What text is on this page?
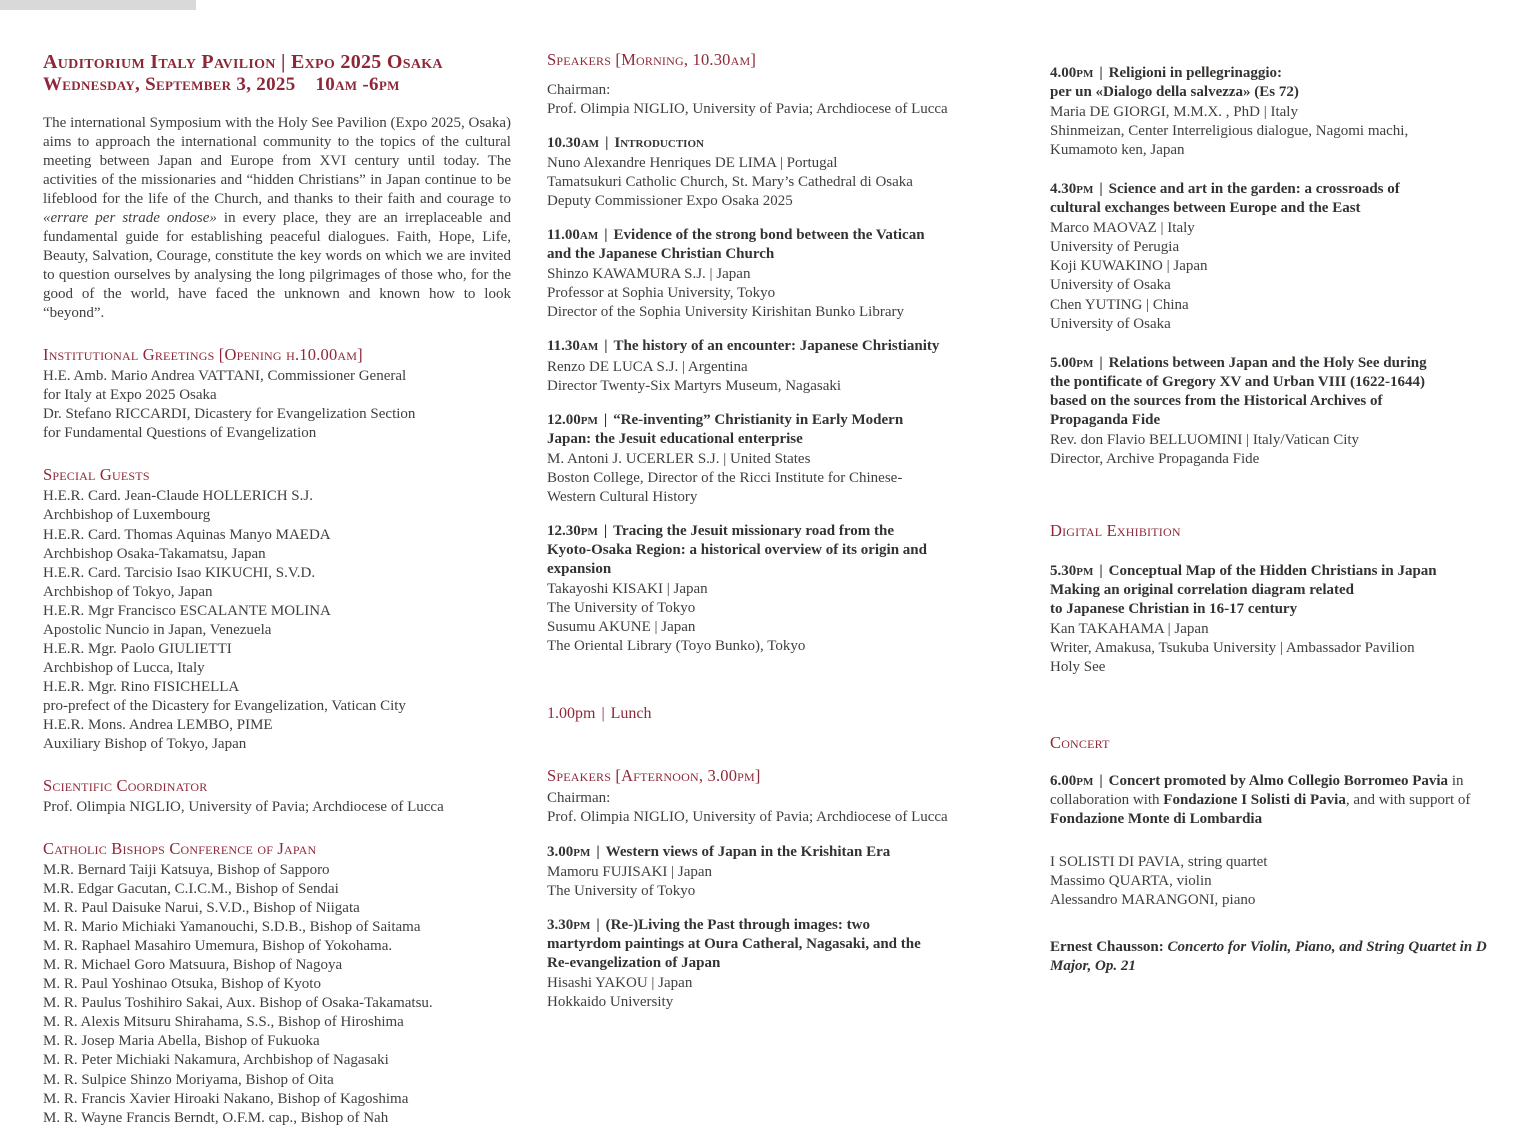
Auditorium Italy Pavilion | Expo 2025 Osaka
Wednesday, September 3, 2025 10am -6pm

The international Symposium with the Holy See Pavilion (Expo 2025, Osaka) aims to approach the international community to the topics of the cultural meeting between Japan and Europe from XVI century until today. The activities of the missionaries and “hidden Christians” in Japan continue to be lifeblood for the life of the Church, and thanks to their faith and courage to «errare per strade ondose» in every place, they are an irreplaceable and fundamental guide for establishing peaceful dialogues. Faith, Hope, Life, Beauty, Salvation, Courage, constitute the key words on which we are invited to question ourselves by analysing the long pilgrimages of those who, for the good of the world, have faced the unknown and known how to look “beyond”.

Institutional Greetings [Opening h.10.00am]
H.E. Amb. Mario Andrea VATTANI, Commissioner General
for Italy at Expo 2025 Osaka
Dr. Stefano RICCARDI, Dicastery for Evangelization Section
for Fundamental Questions of Evangelization
Special Guests
H.E.R. Card. Jean-Claude HOLLERICH S.J.
Archbishop of Luxembourg
H.E.R. Card. Thomas Aquinas Manyo MAEDA
Archbishop Osaka-Takamatsu, Japan
H.E.R. Card. Tarcisio Isao KIKUCHI, S.V.D.
Archbishop of Tokyo, Japan
H.E.R. Mgr Francisco ESCALANTE MOLINA
Apostolic Nuncio in Japan, Venezuela
H.E.R. Mgr. Paolo GIULIETTI
Archbishop of Lucca, Italy
H.E.R. Mgr. Rino FISICHELLA
pro-prefect of the Dicastery for Evangelization, Vatican City
H.E.R. Mons. Andrea LEMBO, PIME
Auxiliary Bishop of Tokyo, Japan
Scientific Coordinator
Prof. Olimpia NIGLIO, University of Pavia; Archdiocese of Lucca
Catholic Bishops Conference of Japan
M.R. Bernard Taiji Katsuya, Bishop of Sapporo
M.R. Edgar Gacutan, C.I.C.M., Bishop of Sendai
M. R. Paul Daisuke Narui, S.V.D., Bishop of Niigata
M. R. Mario Michiaki Yamanouchi, S.D.B., Bishop of Saitama
M. R. Raphael Masahiro Umemura, Bishop of Yokohama.
M. R. Michael Goro Matsuura, Bishop of Nagoya
M. R. Paul Yoshinao Otsuka, Bishop of Kyoto
M. R. Paulus Toshihiro Sakai, Aux. Bishop of Osaka-Takamatsu.
M. R. Alexis Mitsuru Shirahama, S.S., Bishop of Hiroshima
M. R. Josep Maria Abella, Bishop of Fukuoka
M. R. Peter Michiaki Nakamura, Archbishop of Nagasaki
M. R. Sulpice Shinzo Moriyama, Bishop of Oita
M. R. Francis Xavier Hiroaki Nakano, Bishop of Kagoshima
M. R. Wayne Francis Berndt, O.F.M. cap., Bishop of Nah
Speakers [Morning, 10.30am]
Chairman:
Prof. Olimpia NIGLIO, University of Pavia; Archdiocese of Lucca
10.30am | Introduction
Nuno Alexandre Henriques DE LIMA | Portugal
Tamatsukuri Catholic Church, St. Mary’s Cathedral di Osaka
Deputy Commissioner Expo Osaka 2025
11.00am | Evidence of the strong bond between the Vatican
and the Japanese Christian Church
Shinzo KAWAMURA S.J. | Japan
Professor at Sophia University, Tokyo
Director of the Sophia University Kirishitan Bunko Library
11.30am | The history of an encounter: Japanese Christianity
Renzo DE LUCA S.J. | Argentina
Director Twenty-Six Martyrs Museum, Nagasaki
12.00pm | “Re-inventing” Christianity in Early Modern
Japan: the Jesuit educational enterprise
M. Antoni J. UCERLER S.J. | United States
Boston College, Director of the Ricci Institute for Chinese-
Western Cultural History
12.30pm | Tracing the Jesuit missionary road from the
Kyoto-Osaka Region: a historical overview of its origin and
expansion
Takayoshi KISAKI | Japan
The University of Tokyo
Susumu AKUNE | Japan
The Oriental Library (Toyo Bunko), Tokyo
1.00pm | Lunch
Speakers [Afternoon, 3.00pm]
Chairman:
Prof. Olimpia NIGLIO, University of Pavia; Archdiocese of Lucca
3.00pm | Western views of Japan in the Krishitan Era
Mamoru FUJISAKI | Japan
The University of Tokyo
3.30pm | (Re-)Living the Past through images: two
martyrdom paintings at Oura Catheral, Nagasaki, and the
Re-evangelization of Japan
Hisashi YAKOU | Japan
Hokkaido University
4.00pm | Religioni in pellegrinaggio:
per un «Dialogo della salvezza» (Es 72)
Maria DE GIORGI, M.M.X. , PhD | Italy
Shinmeizan, Center Interreligious dialogue, Nagomi machi,
Kumamoto ken, Japan
4.30pm | Science and art in the garden: a crossroads of
cultural exchanges between Europe and the East
Marco MAOVAZ | Italy
University of Perugia
Koji KUWAKINO | Japan
University of Osaka
Chen YUTING | China
University of Osaka
5.00pm | Relations between Japan and the Holy See during
the pontificate of Gregory XV and Urban VIII (1622-1644)
based on the sources from the Historical Archives of
Propaganda Fide
Rev. don Flavio BELLUOMINI | Italy/Vatican City
Director, Archive Propaganda Fide
Digital Exhibition
5.30pm | Conceptual Map of the Hidden Christians in Japan
Making an original correlation diagram related
to Japanese Christian in 16-17 century
Kan TAKAHAMA | Japan
Writer, Amakusa, Tsukuba University | Ambassador Pavilion
Holy See
Concert
6.00pm | Concert promoted by Almo Collegio Borromeo Pavia in collaboration with Fondazione I Solisti di Pavia, and with support of Fondazione Monte di Lombardia
I SOLISTI DI PAVIA, string quartet
Massimo QUARTA, violin
Alessandro MARANGONI, piano
Ernest Chausson: Concerto for Violin, Piano, and String Quartet in D Major, Op. 21
